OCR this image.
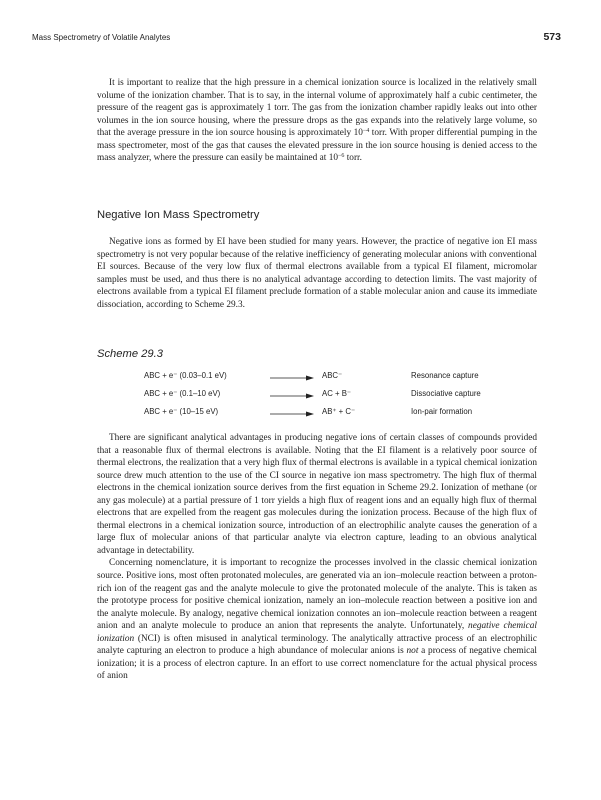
Mass Spectrometry of Volatile Analytes	573

It is important to realize that the high pressure in a chemical ionization source is localized in the relatively small volume of the ionization chamber. That is to say, in the internal volume of approximately half a cubic centimeter, the pressure of the reagent gas is approximately 1 torr. The gas from the ionization chamber rapidly leaks out into other volumes in the ion source housing, where the pressure drops as the gas expands into the relatively large volume, so that the average pressure in the ion source housing is approximately $10^{-4}$ torr. With proper differential pumping in the mass spectrometer, most of the gas that causes the elevated pressure in the ion source housing is denied access to the mass analyzer, where the pressure can easily be maintained at $10^{-6}$ torr.

Negative Ion Mass Spectrometry

Negative ions as formed by EI have been studied for many years. However, the practice of negative ion EI mass spectrometry is not very popular because of the relative inefficiency of generating molecular anions with conventional EI sources. Because of the very low flux of thermal electrons available from a typical EI filament, micromolar samples must be used, and thus there is no analytical advantage according to detection limits. The vast majority of electrons available from a typical EI filament preclude formation of a stable molecular anion and cause its immediate dissociation, according to Scheme 29.3.

Scheme 29.3
ABC + e⁻ (0.03–0.1 eV)	ABC⁻	Resonance capture
ABC + e⁻ (0.1–10 eV)	AC + B⁻	Dissociative capture
ABC + e⁻ (10–15 eV)	AB⁺ + C⁻	Ion-pair formation

There are significant analytical advantages in producing negative ions of certain classes of compounds provided that a reasonable flux of thermal electrons is available. Noting that the EI filament is a relatively poor source of thermal electrons, the realization that a very high flux of thermal electrons is available in a typical chemical ionization source drew much attention to the use of the CI source in negative ion mass spectrometry. The high flux of thermal electrons in the chemical ionization source derives from the first equation in Scheme 29.2. Ionization of methane (or any gas molecule) at a partial pressure of 1 torr yields a high flux of reagent ions and an equally high flux of thermal electrons that are expelled from the reagent gas molecules during the ionization process. Because of the high flux of thermal electrons in a chemical ionization source, introduction of an electrophilic analyte causes the generation of a large flux of molecular anions of that particular analyte via electron capture, leading to an obvious analytical advantage in detectability.

Concerning nomenclature, it is important to recognize the processes involved in the classic chemical ionization source. Positive ions, most often protonated molecules, are generated via an ion–molecule reaction between a proton-rich ion of the reagent gas and the analyte molecule to give the protonated molecule of the analyte. This is taken as the prototype process for positive chemical ionization, namely an ion–molecule reaction between a positive ion and the analyte molecule. By analogy, negative chemical ionization connotes an ion–molecule reaction between a reagent anion and an analyte molecule to produce an anion that represents the analyte. Unfortunately, negative chemical ionization (NCI) is often misused in analytical terminology. The analytically attractive process of an electrophilic analyte capturing an electron to produce a high abundance of molecular anions is not a process of negative chemical ionization; it is a process of electron capture. In an effort to use correct nomenclature for the actual physical process of anion
